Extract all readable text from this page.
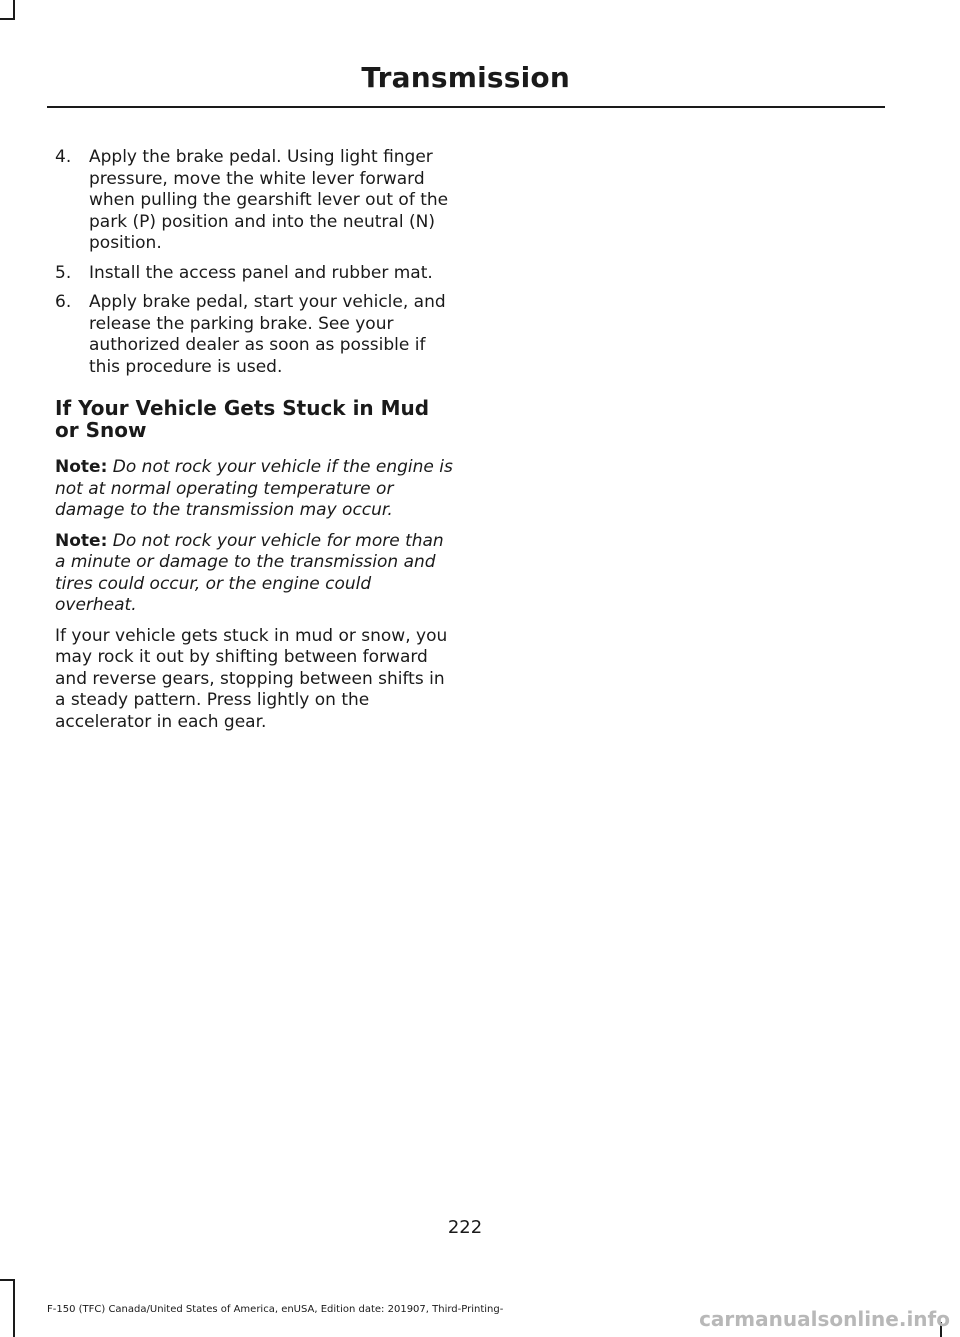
Transmission
4. Apply the brake pedal. Using light finger pressure, move the white lever forward when pulling the gearshift lever out of the park (P) position and into the neutral (N) position.
5. Install the access panel and rubber mat.
6. Apply brake pedal, start your vehicle, and release the parking brake. See your authorized dealer as soon as possible if this procedure is used.
If Your Vehicle Gets Stuck in Mud or Snow
Note: Do not rock your vehicle if the engine is not at normal operating temperature or damage to the transmission may occur.
Note: Do not rock your vehicle for more than a minute or damage to the transmission and tires could occur, or the engine could overheat.
If your vehicle gets stuck in mud or snow, you may rock it out by shifting between forward and reverse gears, stopping between shifts in a steady pattern. Press lightly on the accelerator in each gear.
222
F-150 (TFC) Canada/United States of America, enUSA, Edition date: 201907, Third-Printing-	carmanualsonline.info
